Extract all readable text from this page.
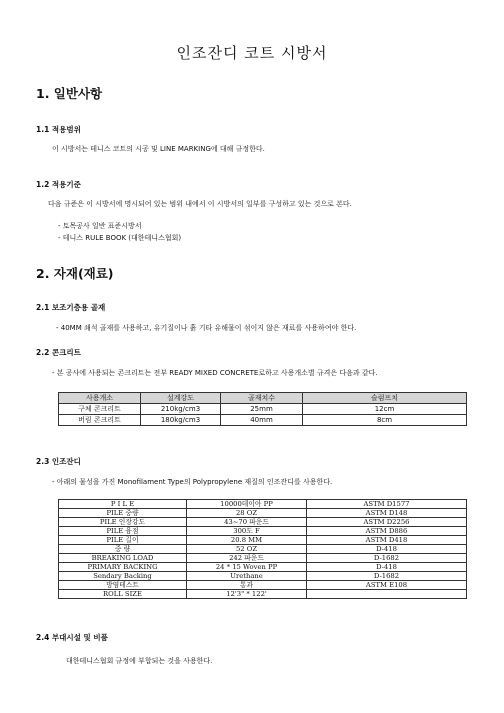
인조잔디 코트 시방서
1. 일반사항
1.1 적용범위
이 시방서는 테니스 코트의 시공 및 LINE MARKING에 대해 규정한다.
1.2 적용기준
다음 규준은 이 시방서에 명시되어 있는 범위 내에서 이 시방서의 일부를 구성하고 있는 것으로 본다.
- 토목공사 일반 표준시방서
- 테니스 RULE BOOK (대한테니스협회)
2. 자재(재료)
2.1 보조기층용 골재
- 40MM 쇄석 골재를 사용하고, 유기질이나 흙 기타 유해물이 섞이지 않은 재료를 사용하여야 한다.
2.2 콘크리트
- 본 공사에 사용되는 콘크리트는 전부 READY MIXED CONCRETE로하고 사용개소별 규격은 다음과 같다.
사용개소	설계강도	골재치수	슬럼프치
구체 콘크리트	210kg/cm3	25mm	12cm
버림 콘크리트	180kg/cm3	40mm	8cm
2.3 인조잔디
- 아래의 물성을 가진 Monofilament Type의 Polypropylene 재질의 인조잔디를 사용한다.
P I L E	10000데이아 PP	ASTM D1577
PILE 중량	28 OZ	ASTM D148
PILE 인장강도	43~70 파운드	ASTM D2256
PILE 융점	300도 F	ASTM D886
PILE 길이	20.8 MM	ASTM D418
중 량	52 OZ	D-418
BREAKING LOAD	242 파운드	D-1682
PRIMARY BACKING	24 * 15 Woven PP	D-418
Sendary Backing	Urethane	D-1682
방염테스트	통과	ASTM E108
ROLL SIZE	12'3" * 122'	
2.4 부대시설 및 비품
대한테니스협회 규정에 부합되는 것을 사용한다.
